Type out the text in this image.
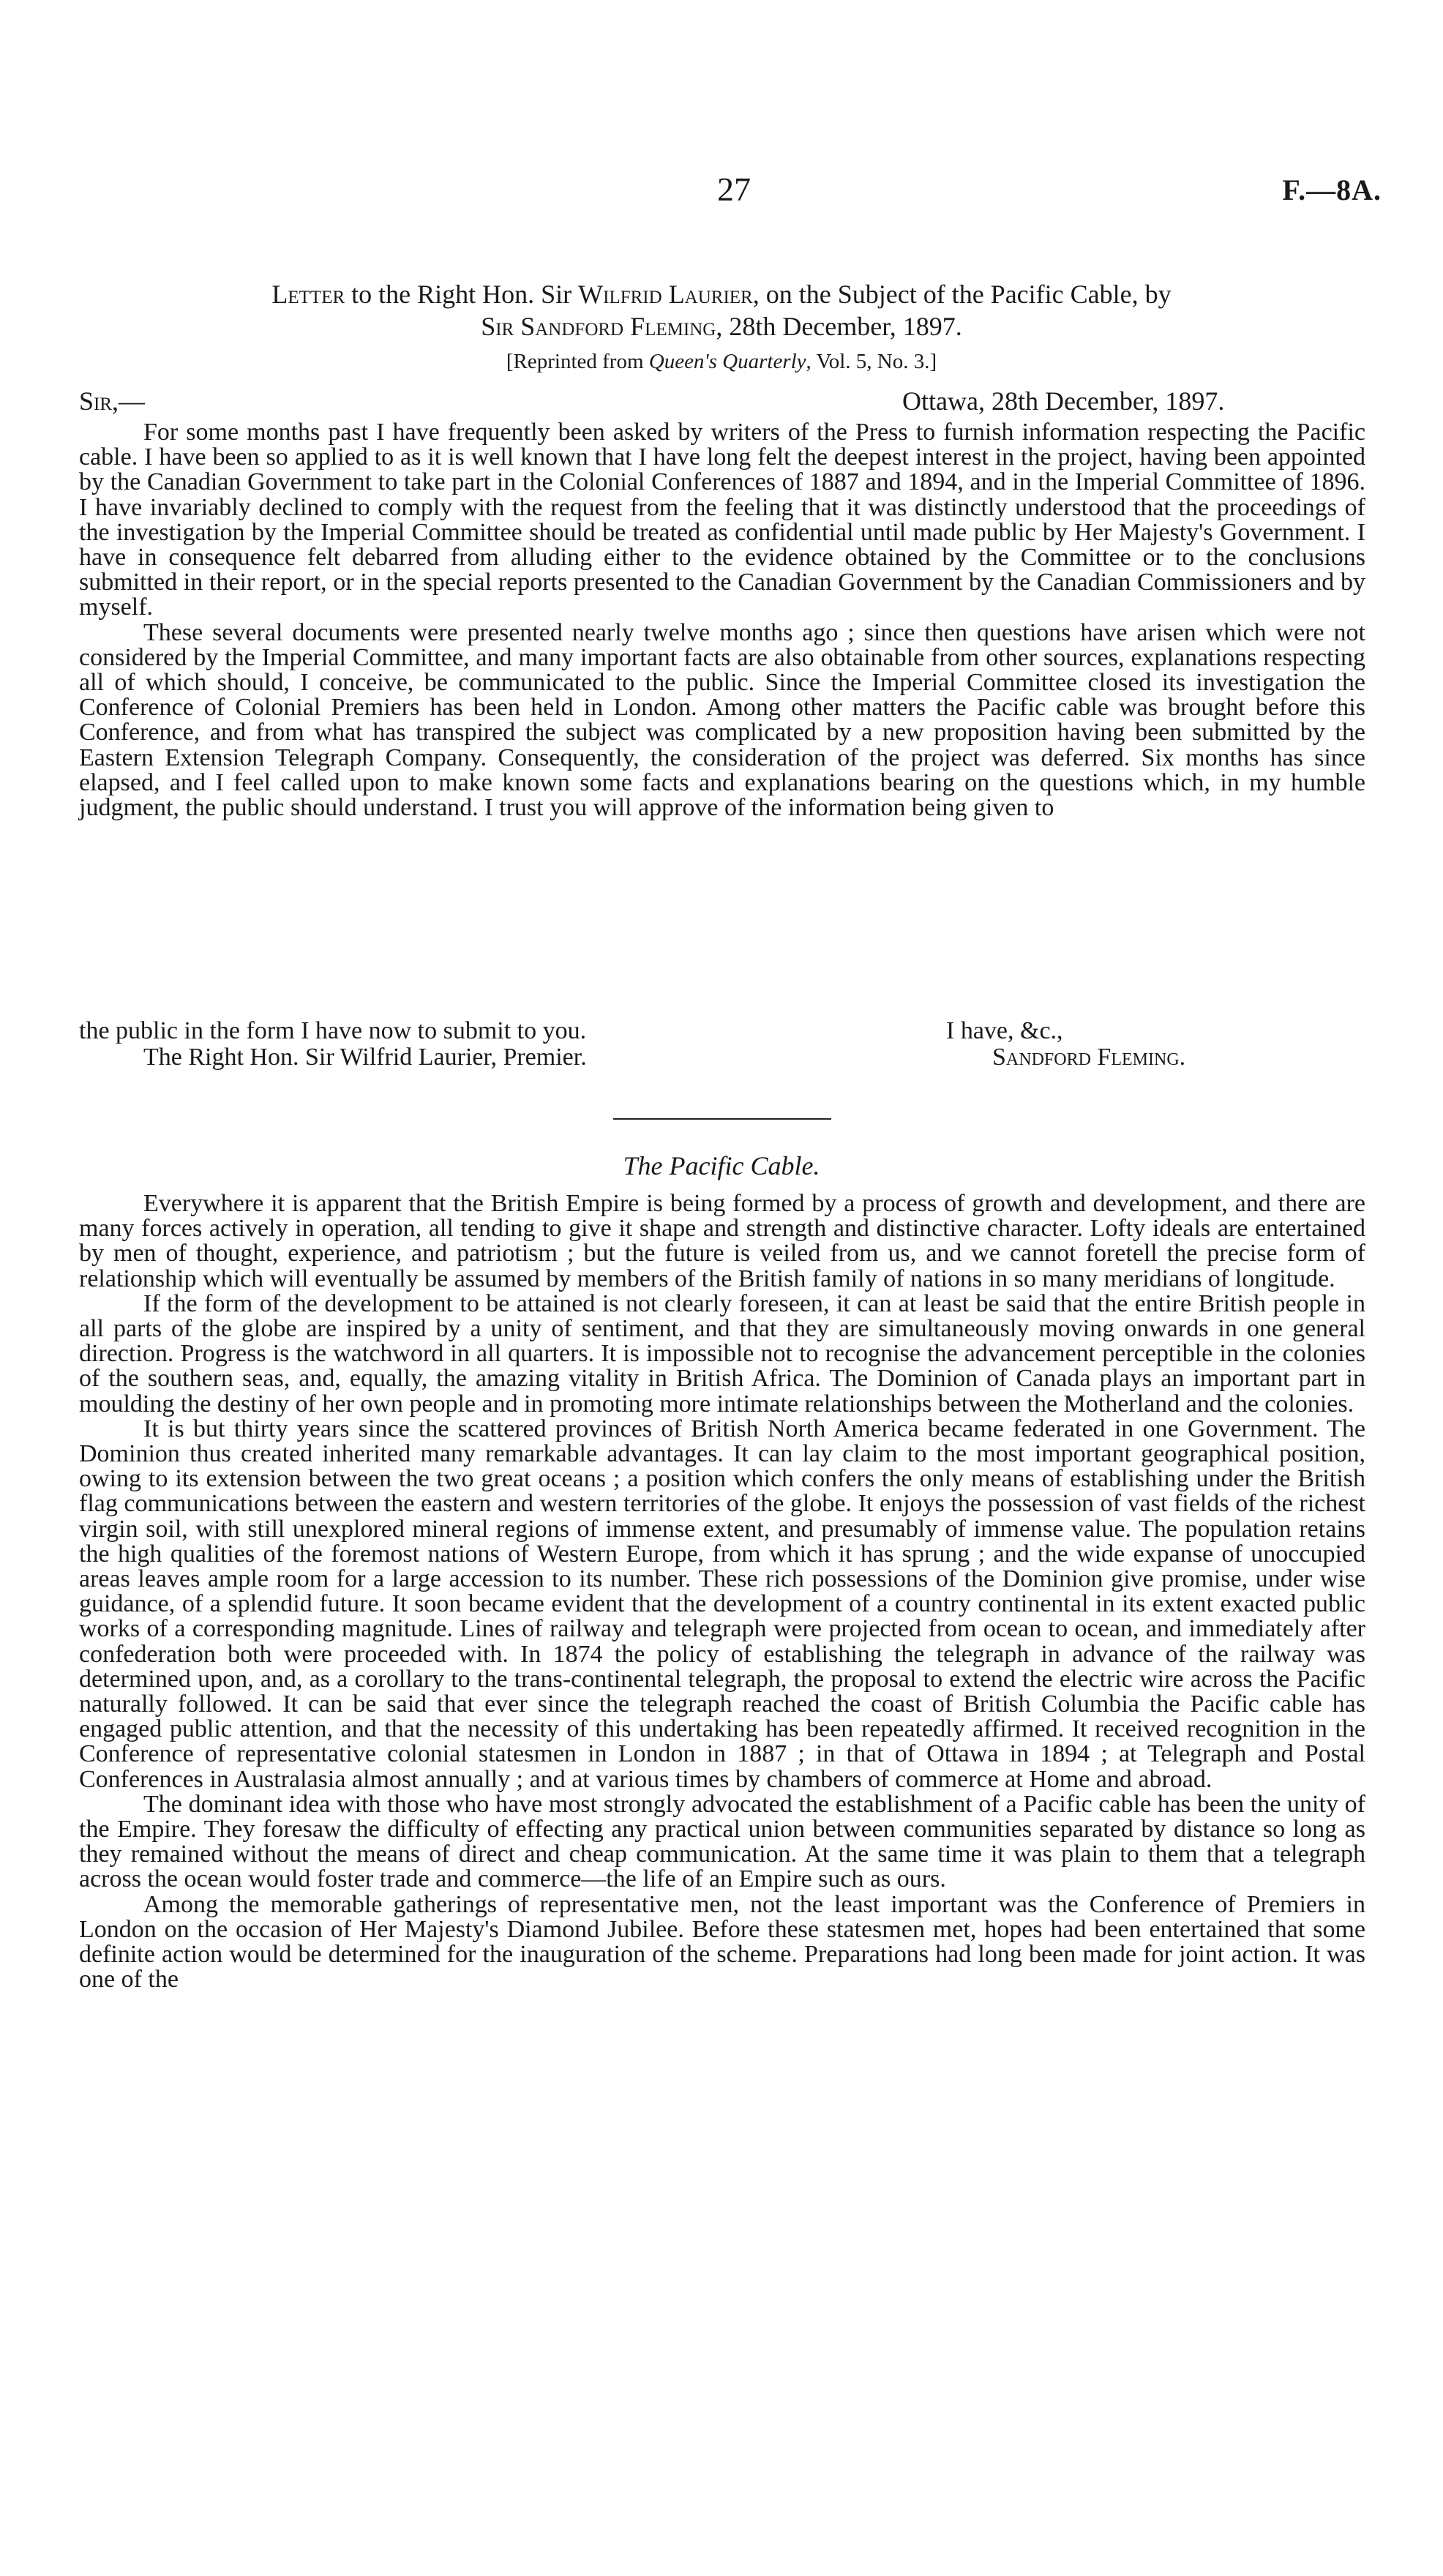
27	F.—8A.
Letter to the Right Hon. Sir Wilfrid Laurier, on the Subject of the Pacific Cable, by
Sir Sandford Fleming, 28th December, 1897.
[Reprinted from Queen's Quarterly, Vol. 5, No. 3.]
Sir,—	Ottawa, 28th December, 1897.

For some months past I have frequently been asked by writers of the Press to furnish information respecting the Pacific cable. I have been so applied to as it is well known that I have long felt the deepest interest in the project, having been appointed by the Canadian Government to take part in the Colonial Conferences of 1887 and 1894, and in the Imperial Committee of 1896. I have invariably declined to comply with the request from the feeling that it was distinctly understood that the proceedings of the investigation by the Imperial Committee should be treated as confidential until made public by Her Majesty's Government. I have in consequence felt debarred from alluding either to the evidence obtained by the Committee or to the conclusions submitted in their report, or in the special reports presented to the Canadian Government by the Canadian Commissioners and by myself.

These several documents were presented nearly twelve months ago ; since then questions have arisen which were not considered by the Imperial Committee, and many important facts are also obtainable from other sources, explanations respecting all of which should, I conceive, be communicated to the public. Since the Imperial Committee closed its investigation the Conference of Colonial Premiers has been held in London. Among other matters the Pacific cable was brought before this Conference, and from what has transpired the subject was complicated by a new proposition having been submitted by the Eastern Extension Telegraph Company. Consequently, the consideration of the project was deferred. Six months has since elapsed, and I feel called upon to make known some facts and explanations bearing on the questions which, in my humble judgment, the public should understand. I trust you will approve of the information being given to

the public in the form I have now to submit to you.	I have, &c.,
The Right Hon. Sir Wilfrid Laurier, Premier.	Sandford Fleming.
The Pacific Cable.

Everywhere it is apparent that the British Empire is being formed by a process of growth and development, and there are many forces actively in operation, all tending to give it shape and strength and distinctive character. Lofty ideals are entertained by men of thought, experience, and patriotism ; but the future is veiled from us, and we cannot foretell the precise form of relationship which will eventually be assumed by members of the British family of nations in so many meridians of longitude.

If the form of the development to be attained is not clearly foreseen, it can at least be said that the entire British people in all parts of the globe are inspired by a unity of sentiment, and that they are simultaneously moving onwards in one general direction. Progress is the watchword in all quarters. It is impossible not to recognise the advancement perceptible in the colonies of the southern seas, and, equally, the amazing vitality in British Africa. The Dominion of Canada plays an important part in moulding the destiny of her own people and in promoting more intimate relationships between the Motherland and the colonies.

It is but thirty years since the scattered provinces of British North America became federated in one Government. The Dominion thus created inherited many remarkable advantages. It can lay claim to the most important geographical position, owing to its extension between the two great oceans ; a position which confers the only means of establishing under the British flag communications between the eastern and western territories of the globe. It enjoys the possession of vast fields of the richest virgin soil, with still unexplored mineral regions of immense extent, and presumably of immense value. The population retains the high qualities of the foremost nations of Western Europe, from which it has sprung ; and the wide expanse of unoccupied areas leaves ample room for a large accession to its number. These rich possessions of the Dominion give promise, under wise guidance, of a splendid future. It soon became evident that the development of a country continental in its extent exacted public works of a corresponding magnitude. Lines of railway and telegraph were projected from ocean to ocean, and immediately after confederation both were proceeded with. In 1874 the policy of establishing the telegraph in advance of the railway was determined upon, and, as a corollary to the trans-continental telegraph, the proposal to extend the electric wire across the Pacific naturally followed. It can be said that ever since the telegraph reached the coast of British Columbia the Pacific cable has engaged public attention, and that the necessity of this undertaking has been repeatedly affirmed. It received recognition in the Conference of representative colonial statesmen in London in 1887 ; in that of Ottawa in 1894 ; at Telegraph and Postal Conferences in Australasia almost annually ; and at various times by chambers of commerce at Home and abroad.

The dominant idea with those who have most strongly advocated the establishment of a Pacific cable has been the unity of the Empire. They foresaw the difficulty of effecting any practical union between communities separated by distance so long as they remained without the means of direct and cheap communication. At the same time it was plain to them that a telegraph across the ocean would foster trade and commerce—the life of an Empire such as ours.

Among the memorable gatherings of representative men, not the least important was the Conference of Premiers in London on the occasion of Her Majesty's Diamond Jubilee. Before these statesmen met, hopes had been entertained that some definite action would be determined for the inauguration of the scheme. Preparations had long been made for joint action. It was one of the
